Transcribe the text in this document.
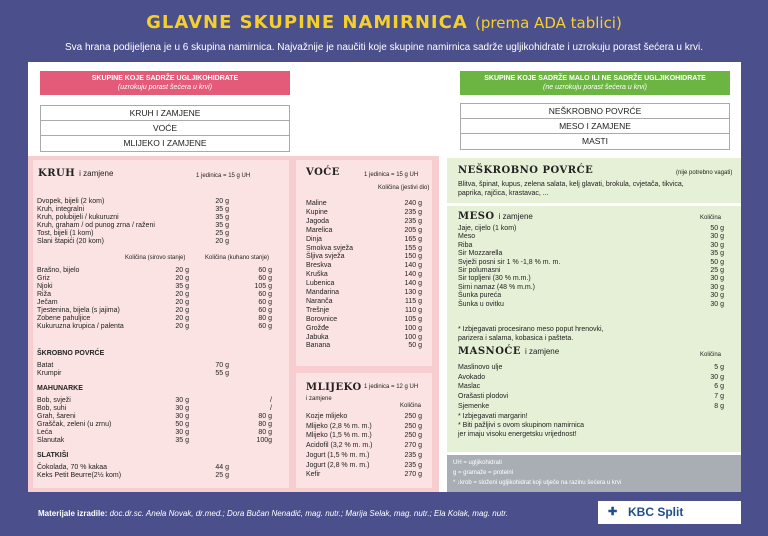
GLAVNE SKUPINE NAMIRNICA (prema ADA tablici)
Sva hrana podijeljena je u 6 skupina namirnica. Najvažnije je naučiti koje skupine namirnica sadrže ugljikohidrate i uzrokuju porast šećera u krvi.
SKUPINE KOJE SADRŽE UGLJIKOHIDRATE
(uzrokuju porast šećera u krvi)
SKUPINE KOJE SADRŽE MALO ILI NE SADRŽE UGLJIKOHIDRATE
(ne uzrokuju porast šećera u krvi)
KRUH I ZAMJENE
VOĆE
MLIJEKO I ZAMJENE
NEŠKROBNO POVRĆE
MESO I ZAMJENE
MASTI
UH = ugljikohidrati
g = gramaže = proteini
* ↓krob = složeni ugljikohidrat koji utječe na razinu šećera u krvi
KRUH i zamjene	1 jedinica = 15 g UH
Dvopek, bijeli (2 kom)	20 g
Kruh, integralni	35 g
Kruh, polubijeli / kukuruzni	35 g
Kruh, graham / od punog zrna / raženi	35 g
Tost, bijeli (1 kom)	25 g
Slani štapići (20 kom)	20 g
Količina (sirovo stanje)	Količina (kuhano stanje)
Brašno, bijelo	20 g	60 g
Griz	20 g	60 g
Njoki	35 g	105 g
Riža	20 g	60 g
Ječam	20 g	60 g
Tjestenina, bijela (s jajima)	20 g	60 g
Zobene pahuljice	20 g	80 g
Kukuruzna krupica / palenta	20 g	60 g
ŠKROBNO POVRĆE
Batat	70 g
Krumpir	55 g
MAHUNARKE
Bob, svježi	30 g	/
Bob, suhi	30 g	/
Grah, šareni	30 g	80 g
Graščak, zeleni (u zrnu)	50 g	80 g
Leća	30 g	80 g
Slanutak	35 g	100g
SLATKIŠI
Čokolada, 70 % kakaa	44 g
Keks Petit Beurre(2½ kom)	25 g
VOĆE	1 jedinica = 15 g UH
Količina (jestivi dio)
Maline	240 g
Kupine	235 g
Jagoda	235 g
Marelica	205 g
Dinja	165 g
Smokva svježa	155 g
Šljiva svježa	150 g
Breskva	140 g
Kruška	140 g
Lubenica	140 g
Mandarina	130 g
Naranča	115 g
Trešnje	110 g
Borovnice	105 g
Grožđe	100 g
Jabuka	100 g
Banana	50 g
MLIJEKO
i zamjene
1 jedinica = 12 g UH
Količina
Kozje mlijeko	250 g
Mlijeko (2,8 % m. m.)	250 g
Mlijeko (1,5 % m. m.)	250 g
Acidofil (3,2 % m. m.)	270 g
Jogurt (1,5 % m. m.)	235 g
Jogurt (2,8 % m. m.)	235 g
Kefir	270 g
NEŠKROBNO POVRĆE	(nije potrebno vagati)
Blitva, špinat, kupus, zelena salata, kelj glavati, brokula, cvjetača, tikvica, paprika, rajčica, krastavac, ...
MESO i zamjene	Količina
Jaje, cijelo (1 kom)	50 g
Meso	30 g
Riba	30 g
Sir Mozzarella	35 g
Svježi posni sir 1 % -1,8 % m. m.	50 g
Sir polumasni	25 g
Sir topljeni (30 % m.m.)	30 g
Sirni namaz (48 % m.m.)	30 g
Šunka pureća	30 g
Šunka u ovitku	30 g
* Izbjegavati procesirano meso poput hrenovki,
parizera i salama, kobasica i pašteta.
MASNOĆE i zamjene	Količina
Maslinovo ulje	5 g
Avokado	30 g
Maslac	6 g
Orašasti plodovi	7 g
Sjemenke	8 g
* Izbjegavati margarin!
* Biti pažljivi s ovom skupinom namirnica
jer imaju visoku energetsku vrijednost!
Materijale izradile: doc.dr.sc. Anela Novak, dr.med.; Dora Bučan Nenadić, mag. nutr.; Marija Selak, mag. nutr.; Ela Kolak, mag. nutr.	✚ KBC Split
